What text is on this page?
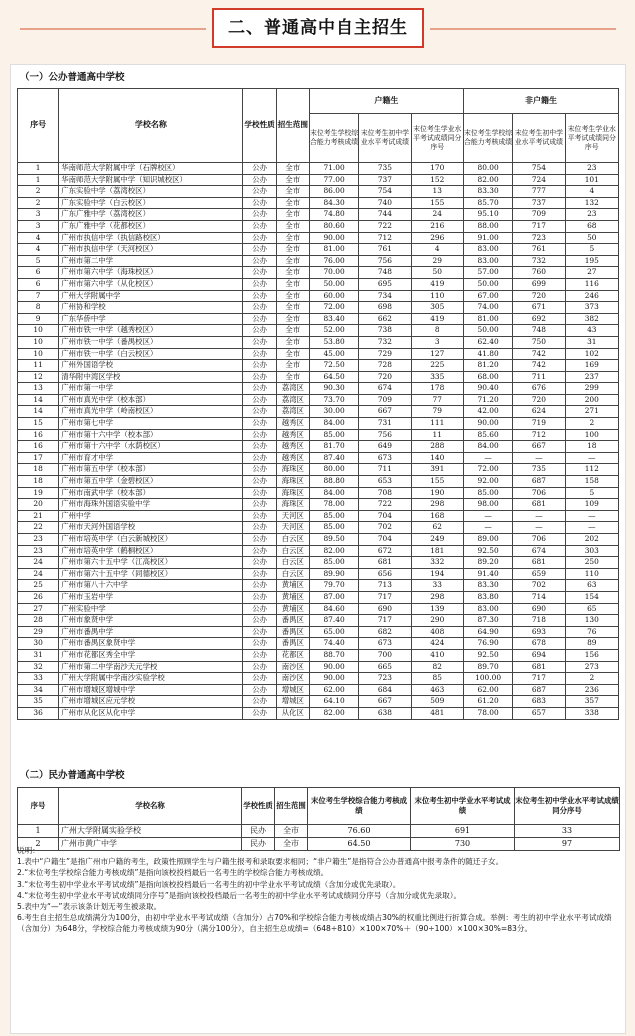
二、普通高中自主招生
（一）公办普通高中学校
序号	学校名称	学校性质	招生范围	户籍生			非户籍生		
				末位考生学校综合能力考核成绩	末位考生初中学业水平考试成绩	末位考生学业水平考试成绩同分序号	末位考生学校综合能力考核成绩	末位考生初中学业水平考试成绩	末位考生学业水平考试成绩同分序号
1	华南师范大学附属中学（石牌校区）	公办	全市	71.00	735	170	80.00	754	23
1	华南师范大学附属中学（知识城校区）	公办	全市	77.00	737	152	82.00	724	101
2	广东实验中学（荔湾校区）	公办	全市	86.00	754	13	83.30	777	4
2	广东实验中学（白云校区）	公办	全市	84.30	740	155	85.70	737	132
3	广东广雅中学（荔湾校区）	公办	全市	74.80	744	24	95.10	709	23
3	广东广雅中学（花都校区）	公办	全市	80.60	722	216	88.00	717	68
4	广州市执信中学（执信路校区）	公办	全市	90.00	712	296	91.00	723	50
4	广州市执信中学（天河校区）	公办	全市	81.00	761	4	83.00	761	5
5	广州市第二中学	公办	全市	76.00	756	29	83.00	732	195
6	广州市第六中学（海珠校区）	公办	全市	70.00	748	50	57.00	760	27
6	广州市第六中学（从化校区）	公办	全市	50.00	695	419	50.00	699	116
7	广州大学附属中学	公办	全市	60.00	734	110	67.00	720	246
8	广州协和学校	公办	全市	72.00	698	305	74.00	671	373
9	广东华侨中学	公办	全市	83.40	662	419	81.00	692	382
10	广州市铁一中学（越秀校区）	公办	全市	52.00	738	8	50.00	748	43
10	广州市铁一中学（番禺校区）	公办	全市	53.80	732	3	62.40	750	31
10	广州市铁一中学（白云校区）	公办	全市	45.00	729	127	41.80	742	102
11	广州外国语学校	公办	全市	72.50	728	225	81.20	742	169
12	清华附中湾区学校	公办	全市	64.50	720	335	68.00	711	237
13	广州市第一中学	公办	荔湾区	90.30	674	178	90.40	676	299
14	广州市真光中学（校本部）	公办	荔湾区	73.70	709	77	71.20	720	200
14	广州市真光中学（岭南校区）	公办	荔湾区	30.00	667	79	42.00	624	271
15	广州市第七中学	公办	越秀区	84.00	731	111	90.00	719	2
16	广州市第十六中学（校本部）	公办	越秀区	85.00	756	11	85.60	712	100
16	广州市第十六中学（水荫校区）	公办	越秀区	81.70	649	288	84.00	667	18
17	广州市育才中学	公办	越秀区	87.40	673	140	—	—	—
18	广州市第五中学（校本部）	公办	海珠区	80.00	711	391	72.00	735	112
18	广州市第五中学（金碧校区）	公办	海珠区	88.80	653	155	92.00	687	158
19	广州市南武中学（校本部）	公办	海珠区	84.00	708	190	85.00	706	5
20	广州市海珠外国语实验中学	公办	海珠区	78.00	722	298	98.00	681	109
21	广州中学	公办	天河区	85.00	704	168	—	—	—
22	广州市天河外国语学校	公办	天河区	85.00	702	62	—	—	—
23	广州市培英中学（白云新城校区）	公办	白云区	89.50	704	249	89.00	706	202
23	广州市培英中学（鹤桐校区）	公办	白云区	82.00	672	181	92.50	674	303
24	广州市第六十五中学（江高校区）	公办	白云区	85.00	681	332	89.20	681	250
24	广州市第六十五中学（同德校区）	公办	白云区	89.90	656	194	91.40	659	110
25	广州市第八十六中学	公办	黄埔区	79.70	713	33	83.30	702	63
26	广州市玉岩中学	公办	黄埔区	87.00	717	298	83.80	714	154
27	广州实验中学	公办	黄埔区	84.60	690	139	83.00	690	65
28	广州市象贤中学	公办	番禺区	87.40	717	290	87.30	718	130
29	广州市番禺中学	公办	番禺区	65.00	682	408	64.90	693	76
30	广州市番禺区象贤中学	公办	番禺区	74.40	673	424	76.90	678	89
31	广州市花都区秀全中学	公办	花都区	88.70	700	410	92.50	694	156
32	广州市第二中学南沙天元学校	公办	南沙区	90.00	665	82	89.70	681	273
33	广州大学附属中学南沙实验学校	公办	南沙区	90.00	723	85	100.00	717	2
34	广州市增城区增城中学	公办	增城区	62.00	684	463	62.00	687	236
35	广州市增城区应元学校	公办	增城区	64.10	667	509	61.20	683	357
36	广州市从化区从化中学	公办	从化区	82.00	638	481	78.00	657	338
（二）民办普通高中学校
序号	学校名称	学校性质	招生范围	末位考生学校综合能力考核成绩	末位考生初中学业水平考试成绩	末位考生初中学业水平考试成绩同分序号
1	广州大学附属实验学校	民办	全市	76.60	691	33
2	广州市黄广中学	民办	全市	64.50	730	97
说明：
1.表中“户籍生”是指广州市户籍的考生，政策性照顾学生与户籍生报考和录取要求相同；“非户籍生”是指符合公办普通高中报考条件的随迁子女。
2.“末位考生学校综合能力考核成绩”是指向该校投档最后一名考生的学校综合能力考核成绩。
3.“末位考生初中学业水平考试成绩”是指向该校投档最后一名考生的初中学业水平考试成绩（含加分或优先录取）。
4.“末位考生初中学业水平考试成绩同分序号”是指向该校投档最后一名考生的初中学业水平考试成绩同分序号（含加分或优先录取）。
5.表中为“—”表示该条计划无考生被录取。
6.考生自主招生总成绩满分为100分，由初中学业水平考试成绩（含加分）占70%和学校综合能力考核成绩占30%的权重比例进行折算合成。举例：考生的初中学业水平考试成绩（含加分）为648分，学校综合能力考核成绩为90分（满分100分），自主招生总成绩=（648÷810）×100×70%＋（90÷100）×100×30%=83分。
